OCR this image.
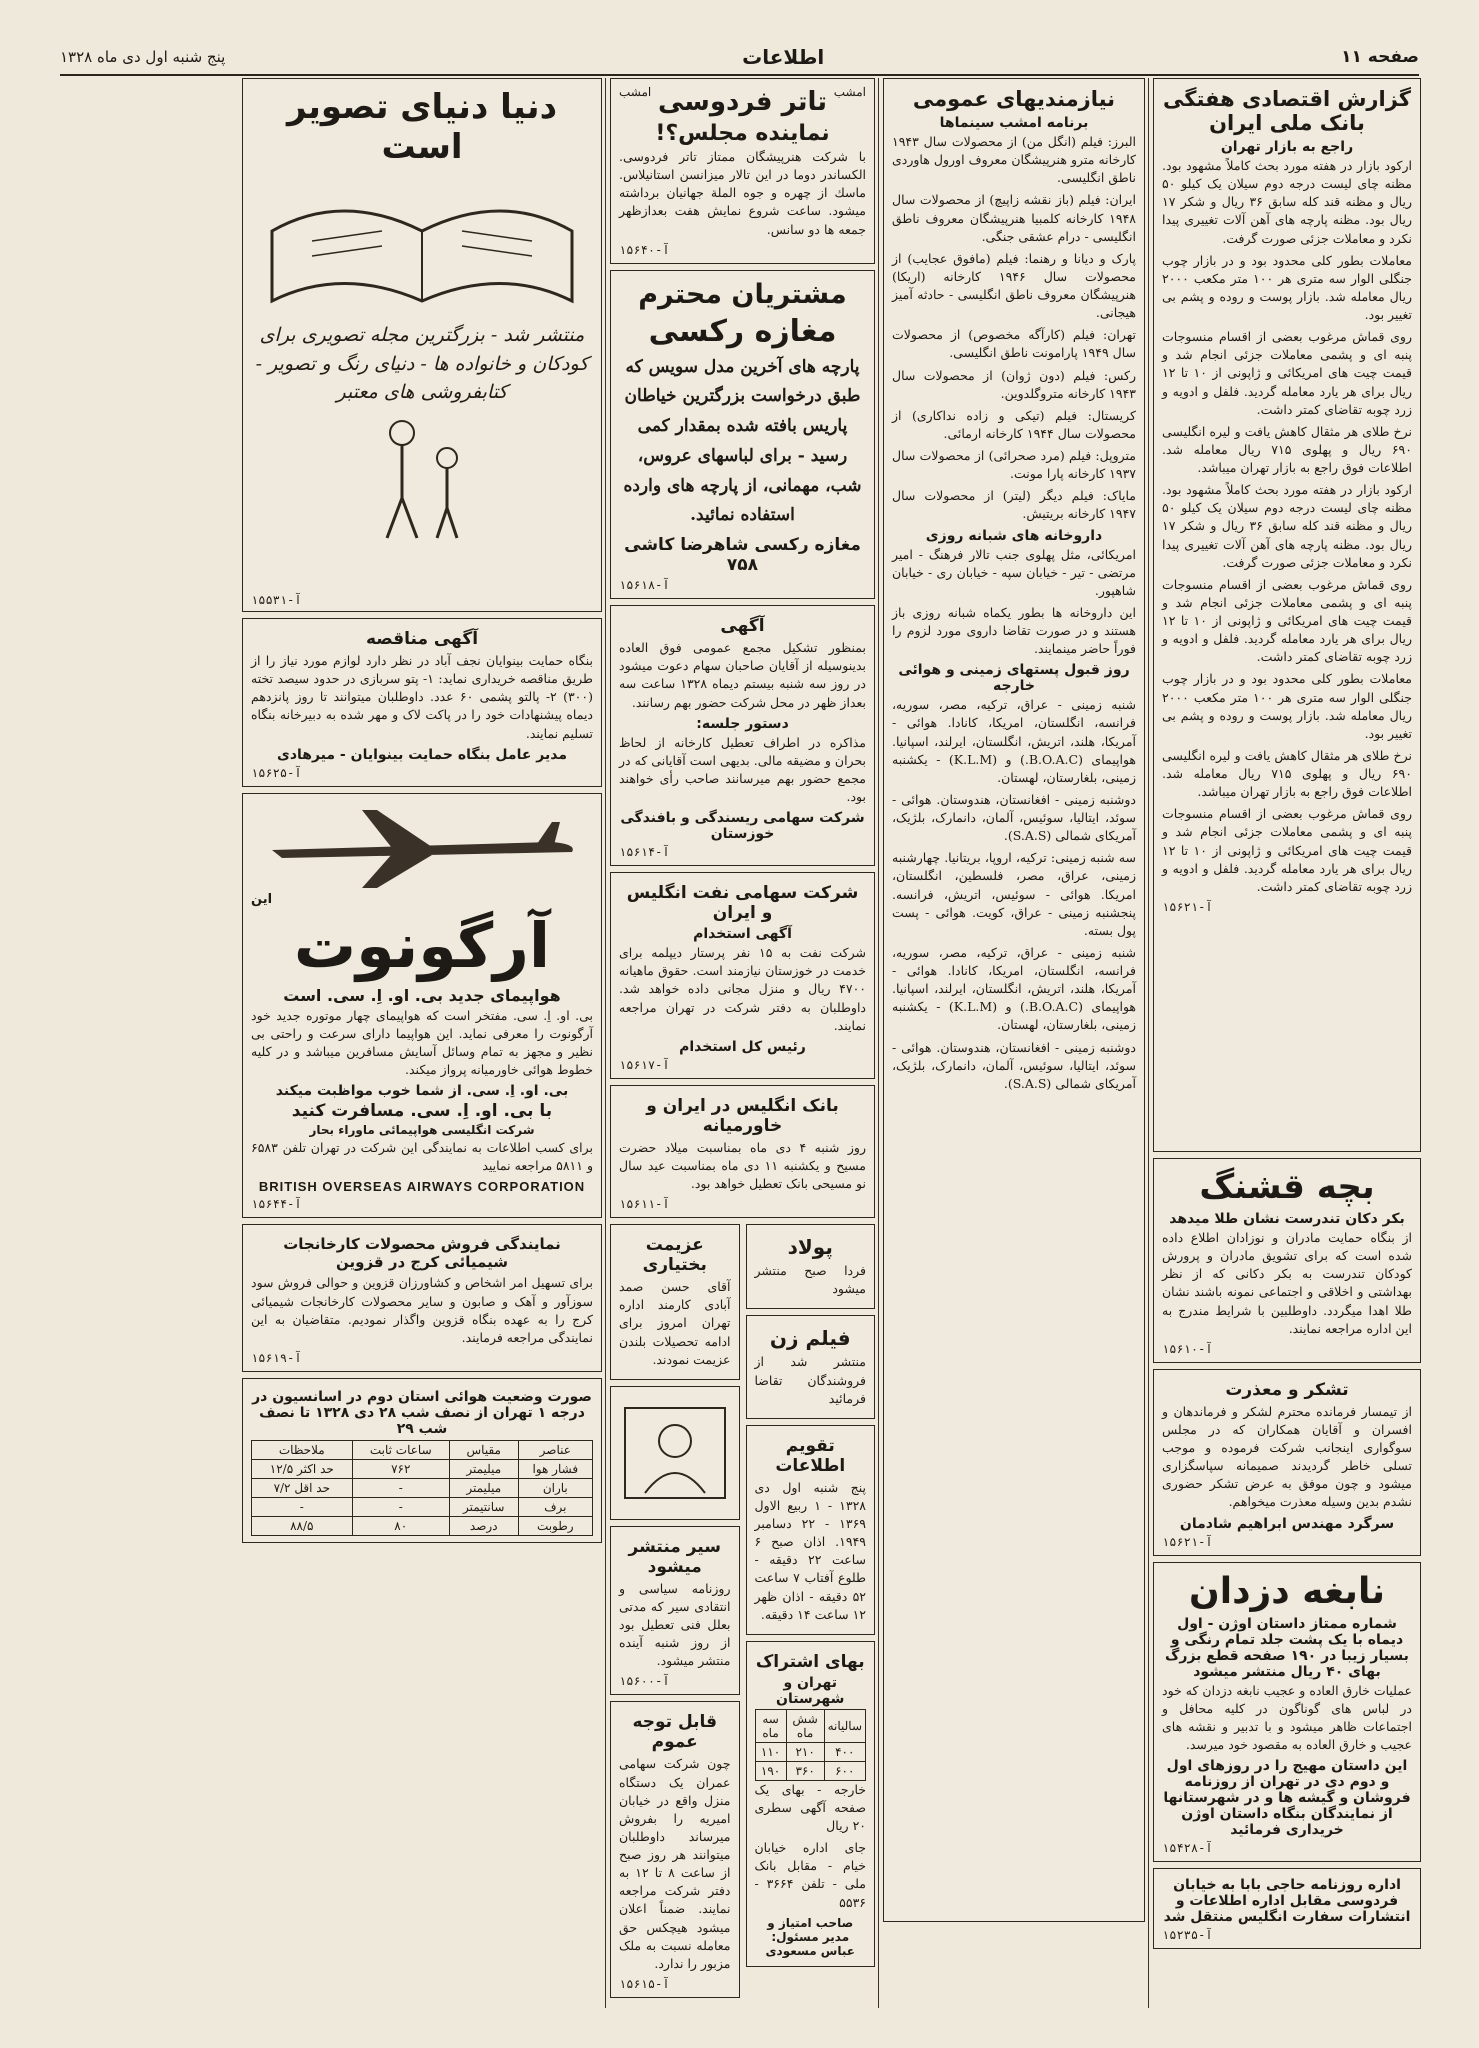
صفحه ۱۱
اطلاعات
پنج شنبه اول دی ماه ۱۳۲۸
گزارش اقتصادی هفتگی بانک ملی ایران
راجع به بازار تهران

ارکود بازار در هفته مورد بحث کاملاً مشهود بود. مظنه چای لیست درجه دوم سیلان یک کیلو ۵۰ ریال و مظنه قند کله سابق ۳۶ ریال و شکر ۱۷ ریال بود. مظنه پارچه های آهن آلات تغییری پیدا نکرد و معاملات جزئی صورت گرفت.

معاملات بطور کلی محدود بود و در بازار چوب جنگلی الوار سه متری هر ۱۰۰ متر مکعب ۲۰۰۰ ریال معامله شد. بازار پوست و روده و پشم بی تغییر بود.

روی قماش مرغوب بعضی از اقسام منسوجات پنبه ای و پشمی معاملات جزئی انجام شد و قیمت چیت های امریکائی و ژاپونی از ۱۰ تا ۱۲ ریال برای هر یارد معامله گردید. فلفل و ادویه و زرد چوبه تقاضای کمتر داشت.

نرخ طلای هر مثقال کاهش یافت و لیره انگلیسی ۶۹۰ ریال و پهلوی ۷۱۵ ریال معامله شد. اطلاعات فوق راجع به بازار تهران میباشد.

ارکود بازار در هفته مورد بحث کاملاً مشهود بود. مظنه چای لیست درجه دوم سیلان یک کیلو ۵۰ ریال و مظنه قند کله سابق ۳۶ ریال و شکر ۱۷ ریال بود. مظنه پارچه های آهن آلات تغییری پیدا نکرد و معاملات جزئی صورت گرفت.

روی قماش مرغوب بعضی از اقسام منسوجات پنبه ای و پشمی معاملات جزئی انجام شد و قیمت چیت های امریکائی و ژاپونی از ۱۰ تا ۱۲ ریال برای هر یارد معامله گردید. فلفل و ادویه و زرد چوبه تقاضای کمتر داشت.

معاملات بطور کلی محدود بود و در بازار چوب جنگلی الوار سه متری هر ۱۰۰ متر مکعب ۲۰۰۰ ریال معامله شد. بازار پوست و روده و پشم بی تغییر بود.

نرخ طلای هر مثقال کاهش یافت و لیره انگلیسی ۶۹۰ ریال و پهلوی ۷۱۵ ریال معامله شد. اطلاعات فوق راجع به بازار تهران میباشد.

روی قماش مرغوب بعضی از اقسام منسوجات پنبه ای و پشمی معاملات جزئی انجام شد و قیمت چیت های امریکائی و ژاپونی از ۱۰ تا ۱۲ ریال برای هر یارد معامله گردید. فلفل و ادویه و زرد چوبه تقاضای کمتر داشت.

آ-۱۵۶۲۱
بچه قشنگ
بکر دکان تندرست نشان طلا میدهد

از بنگاه حمایت مادران و نوزادان اطلاع داده شده است که برای تشویق مادران و پرورش کودکان تندرست به بکر دکانی که از نظر بهداشتی و اخلاقی و اجتماعی نمونه باشند نشان طلا اهدا میگردد. داوطلبین با شرایط مندرج به این اداره مراجعه نمایند.

آ-۱۵۶۱۰
تشکر و معذرت

از تیمسار فرمانده محترم لشکر و فرماندهان و افسران و آقایان همکاران که در مجلس سوگواری اینجانب شرکت فرموده و موجب تسلی خاطر گردیدند صمیمانه سپاسگزاری میشود و چون موفق به عرض تشکر حضوری نشدم بدین وسیله معذرت میخواهم.

سرگرد مهندس ابراهیم شادمان
آ-۱۵۶۲۱
نابغه دزدان
شماره ممتاز داستان اوژن - اول دیماه با یک پشت جلد تمام رنگی و بسیار زیبا در ۱۹۰ صفحه قطع بزرگ بهای ۴۰ ریال منتشر میشود

عملیات خارق العاده و عجیب نابغه دزدان که خود در لباس های گوناگون در کلیه محافل و اجتماعات ظاهر میشود و با تدبیر و نقشه های عجیب و خارق العاده به مقصود خود میرسد.

این داستان مهیج را در روزهای اول و دوم دی در تهران از روزنامه فروشان و گیشه ها و در شهرستانها از نمایندگان بنگاه داستان اوژن خریداری فرمائید
آ-۱۵۴۲۸
اداره روزنامه حاجی بابا به خیابان فردوسی مقابل اداره اطلاعات و انتشارات سفارت انگلیس منتقل شد
آ-۱۵۲۳۵
نیازمندیهای عمومی
برنامه امشب سینماها

البرز: فیلم (انگل من) از محصولات سال ۱۹۴۳ کارخانه مترو هنرپیشگان معروف اورول هاوردی ناطق انگلیسی.

ایران: فیلم (باز نقشه زاپیچ) از محصولات سال ۱۹۴۸ کارخانه کلمبیا هنرپیشگان معروف ناطق انگلیسی - درام عشقی جنگی.

پارک و دیانا و رهنما: فیلم (مافوق عجایب) از محصولات سال ۱۹۴۶ کارخانه (اریکا) هنرپیشگان معروف ناطق انگلیسی - حادثه آمیز هیجانی.

تهران: فیلم (کارآگه مخصوص) از محصولات سال ۱۹۴۹ پارامونت ناطق انگلیسی.

رکس: فیلم (دون ژوان) از محصولات سال ۱۹۴۳ کارخانه متروگلدوین.

کریستال: فیلم (تیکی و زاده نداکاری) از محصولات سال ۱۹۴۴ کارخانه ارمائی.

متروپل: فیلم (مرد صحرائی) از محصولات سال ۱۹۳۷ کارخانه پارا مونت.

مایاک: فیلم دیگر (لیتر) از محصولات سال ۱۹۴۷ کارخانه بریتیش.

داروخانه های شبانه روزی

امریکائی، مثل پهلوی جنب تالار فرهنگ - امیر مرتضی - تیر - خیابان سپه - خیابان ری - خیابان شاهپور.

این داروخانه ها بطور یکماه شبانه روزی باز هستند و در صورت تقاضا داروی مورد لزوم را فوراً حاضر مینمایند.

روز قبول پستهای زمینی و هوائی خارجه

شنبه زمینی - عراق، ترکیه، مصر، سوریه، فرانسه، انگلستان، امریکا، کانادا. هوائی - آمریکا، هلند، اتریش، انگلستان، ایرلند، اسپانیا. هواپیمای (B.O.A.C.) و (K.L.M) - یکشنبه زمینی، بلغارستان، لهستان.

دوشنبه زمینی - افغانستان، هندوستان. هوائی - سوئد، ایتالیا، سوئیس، آلمان، دانمارک، بلژیک، آمریکای شمالی (S.A.S).

سه شنبه زمینی: ترکیه، اروپا، بریتانیا. چهارشنبه زمینی، عراق، مصر، فلسطین، انگلستان، امریکا. هوائی - سوئیس، اتریش، فرانسه. پنجشنبه زمینی - عراق، کویت. هوائی - پست پول بسته.

شنبه زمینی - عراق، ترکیه، مصر، سوریه، فرانسه، انگلستان، امریکا، کانادا. هوائی - آمریکا، هلند، اتریش، انگلستان، ایرلند، اسپانیا. هواپیمای (B.O.A.C.) و (K.L.M) - یکشنبه زمینی، بلغارستان، لهستان.

دوشنبه زمینی - افغانستان، هندوستان. هوائی - سوئد، ایتالیا، سوئیس، آلمان، دانمارک، بلژیک، آمریکای شمالی (S.A.S).

امشب
امشب تاتر فردوسی
نماینده مجلس؟!

با شرکت هنرپیشگان ممتاز تاتر فردوسی. الکساندر دوما در این تالار میزانسن استانیلاس. ماسك از چهره و جوه الملة جهانیان برداشته میشود. ساعت شروع نمایش هفت بعدازظهر جمعه ها دو سانس.

آ-۱۵۶۴۰
مشتریان محترم
مغازه رکسی

پارچه های آخرین مدل سویس که طبق درخواست بزرگترین خیاطان پاریس بافته شده بمقدار کمی رسید - برای لباسهای عروس، شب، مهمانی، از پارچه های وارده استفاده نمائید.

مغازه رکسی شاهرضا کاشی ۷۵۸
آ-۱۵۶۱۸
آگهی

بمنظور تشکیل مجمع عمومی فوق العاده بدینوسیله از آقایان صاحبان سهام دعوت میشود در روز سه شنبه بیستم دیماه ۱۳۲۸ ساعت سه بعداز ظهر در محل شرکت حضور بهم رسانند.

دستور جلسه:

مذاکره در اطراف تعطیل کارخانه از لحاظ بحران و مضیقه مالی. بدیهی است آقایانی که در مجمع حضور بهم میرسانند صاحب رأی خواهند بود.

شرکت سهامی ریسندگی و بافندگی خوزستان
آ-۱۵۶۱۴
شرکت سهامی نفت انگلیس و ایران
آگهی استخدام

شرکت نفت به ۱۵ نفر پرستار دیپلمه برای خدمت در خوزستان نیازمند است. حقوق ماهیانه ۴۷۰۰ ریال و منزل مجانی داده خواهد شد. داوطلبان به دفتر شرکت در تهران مراجعه نمایند.

رئیس کل استخدام
آ-۱۵۶۱۷
بانک انگلیس در ایران و خاورمیانه

روز شنبه ۴ دی ماه بمناسبت میلاد حضرت مسیح و یکشنبه ۱۱ دی ماه بمناسبت عید سال نو مسیحی بانک تعطیل خواهد بود.

آ-۱۵۶۱۱
پولاد

فردا صبح منتشر میشود

فیلم زن

منتشر شد از فروشندگان تقاضا فرمائید

تقویم اطلاعات

پنج شنبه اول دی ۱۳۲۸ - ۱ ربیع الاول ۱۳۶۹ - ۲۲ دسامبر ۱۹۴۹. اذان صبح ۶ ساعت ۲۲ دقیقه - طلوع آفتاب ۷ ساعت ۵۲ دقیقه - اذان ظهر ۱۲ ساعت ۱۴ دقیقه.

بهای اشتراک
تهران و شهرستان
سالیانه	شش ماه	سه ماه
۴۰۰	۲۱۰	۱۱۰
۶۰۰	۳۶۰	۱۹۰

خارجه - بهای یک صفحه آگهی سطری ۲۰ ریال

جای اداره خیابان خیام - مقابل بانک ملی - تلفن ۳۶۶۴ - ۵۵۳۶

صاحب امتیاز و مدیر مسئول: عباس مسعودی
عزیمت بختیاری

آقای حسن صمد آبادی کارمند اداره تهران امروز برای ادامه تحصیلات بلندن عزیمت نمودند.

سیر منتشر میشود

روزنامه سیاسی و انتقادی سیر که مدتی بعلل فنی تعطیل بود از روز شنبه آینده منتشر میشود.

آ-۱۵۶۰۰
قابل توجه عموم

چون شرکت سهامی عمران یک دستگاه منزل واقع در خیابان امیریه را بفروش میرساند داوطلبان میتوانند هر روز صبح از ساعت ۸ تا ۱۲ به دفتر شرکت مراجعه نمایند. ضمناً اعلان میشود هیچکس حق معامله نسبت به ملک مزبور را ندارد.

آ-۱۵۶۱۵
دنیا دنیای تصویر است
منتشر شد - بزرگترین مجله تصویری برای کودکان و خانواده ها - دنیای رنگ و تصویر - کتابفروشی های معتبر
آ-۱۵۵۳۱
آگهی مناقصه

بنگاه حمایت بینوایان نجف آباد در نظر دارد لوازم مورد نیاز را از طریق مناقصه خریداری نماید: ۱- پتو سربازی در حدود سیصد تخته (۳۰۰) ۲- پالتو پشمی ۶۰ عدد. داوطلبان میتوانند تا روز پانزدهم دیماه پیشنهادات خود را در پاکت لاک و مهر شده به دبیرخانه بنگاه تسلیم نمایند.

مدیر عامل بنگاه حمایت بینوایان - میرهادی
آ-۱۵۶۲۵
این
آرگونوت
هواپیمای جدید بی. او. اِ. سی. است

بی. او. اِ. سی. مفتخر است که هواپیمای چهار موتوره جدید خود آرگونوت را معرفی نماید. این هواپیما دارای سرعت و راحتی بی نظیر و مجهز به تمام وسائل آسایش مسافرین میباشد و در کلیه خطوط هوائی خاورمیانه پرواز میکند.

بی. او. اِ. سی. از شما خوب مواظبت میکند
با بی. او. اِ. سی. مسافرت کنید
شرکت انگلیسی هواپیمائی ماوراء بحار

برای کسب اطلاعات به نمایندگی این شرکت در تهران تلفن ۶۵۸۳ و ۵۸۱۱ مراجعه نمایید

BRITISH OVERSEAS AIRWAYS CORPORATION
آ-۱۵۶۴۴
نمایندگی فروش محصولات کارخانجات شیمیائی کرج در قزوین

برای تسهیل امر اشخاص و کشاورزان قزوین و حوالی فروش سود سوزآور و آهک و صابون و سایر محصولات کارخانجات شیمیائی کرج را به عهده بنگاه قزوین واگذار نمودیم. متقاضیان به این نمایندگی مراجعه فرمایند.

آ-۱۵۶۱۹
صورت وضعیت هوائی استان دوم در اسانسیون در درجه ۱ تهران از نصف شب ۲۸ دی ۱۳۲۸ تا نصف شب ۲۹
عناصر	مقیاس	ساعات ثابت	ملاحظات
فشار هوا	میلیمتر	۷۶۲	حد اکثر ۱۲/۵
باران	میلیمتر	-	حد اقل ۷/۲
برف	سانتیمتر	-	-
رطوبت	درصد	۸۰	۸۸/۵
